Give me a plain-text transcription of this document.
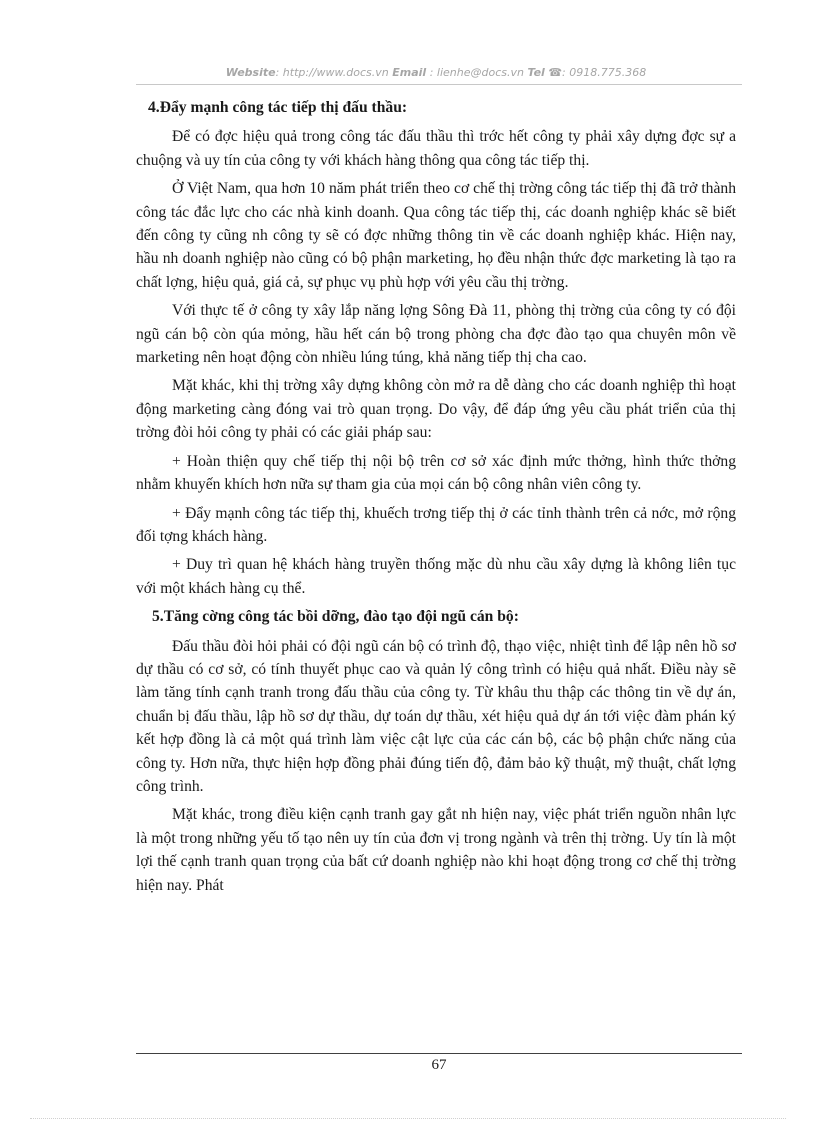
Website: http://www.docs.vn Email : lienhe@docs.vn Tel ☎: 0918.775.368
4.Đẩy mạnh công tác tiếp thị đấu thầu:

Để có đợc hiệu quả trong công tác đấu thầu thì trớc hết công ty phải xây dựng đợc sự a chuộng và uy tín của công ty với khách hàng thông qua công tác tiếp thị.

Ở Việt Nam, qua hơn 10 năm phát triển theo cơ chế thị trờng công tác tiếp thị đã trở thành công tác đắc lực cho các nhà kinh doanh. Qua công tác tiếp thị, các doanh nghiệp khác sẽ biết đến công ty cũng nh công ty sẽ có đợc những thông tin về các doanh nghiệp khác. Hiện nay, hầu nh doanh nghiệp nào cũng có bộ phận marketing, họ đều nhận thức đợc marketing là tạo ra chất lợng, hiệu quả, giá cả, sự phục vụ phù hợp với yêu cầu thị trờng.

Với thực tế ở công ty xây lắp năng lợng Sông Đà 11, phòng thị trờng của công ty có đội ngũ cán bộ còn qúa mỏng, hầu hết cán bộ trong phòng cha đợc đào tạo qua chuyên môn về marketing nên hoạt động còn nhiều lúng túng, khả năng tiếp thị cha cao.

Mặt khác, khi thị trờng xây dựng không còn mở ra dễ dàng cho các doanh nghiệp thì hoạt động marketing càng đóng vai trò quan trọng. Do vậy, để đáp ứng yêu cầu phát triển của thị trờng đòi hỏi công ty phải có các giải pháp sau:

+ Hoàn thiện quy chế tiếp thị nội bộ trên cơ sở xác định mức thởng, hình thức thởng nhằm khuyến khích hơn nữa sự tham gia của mọi cán bộ công nhân viên công ty.

+ Đẩy mạnh công tác tiếp thị, khuếch trơng tiếp thị ở các tỉnh thành trên cả nớc, mở rộng đối tợng khách hàng.

+ Duy trì quan hệ khách hàng truyền thống mặc dù nhu cầu xây dựng là không liên tục với một khách hàng cụ thể.

5.Tăng cờng công tác bồi dỡng, đào tạo đội ngũ cán bộ:

Đấu thầu đòi hỏi phải có đội ngũ cán bộ có trình độ, thạo việc, nhiệt tình để lập nên hồ sơ dự thầu có cơ sở, có tính thuyết phục cao và quản lý công trình có hiệu quả nhất. Điều này sẽ làm tăng tính cạnh tranh trong đấu thầu của công ty. Từ khâu thu thập các thông tin về dự án, chuẩn bị đấu thầu, lập hồ sơ dự thầu, dự toán dự thầu, xét hiệu quả dự án tới việc đàm phán ký kết hợp đồng là cả một quá trình làm việc cật lực của các cán bộ, các bộ phận chức năng của công ty. Hơn nữa, thực hiện hợp đồng phải đúng tiến độ, đảm bảo kỹ thuật, mỹ thuật, chất lợng công trình.

Mặt khác, trong điều kiện cạnh tranh gay gắt nh hiện nay, việc phát triển nguồn nhân lực là một trong những yếu tố tạo nên uy tín của đơn vị trong ngành và trên thị trờng. Uy tín là một lợi thế cạnh tranh quan trọng của bất cứ doanh nghiệp nào khi hoạt động trong cơ chế thị trờng hiện nay. Phát

67
